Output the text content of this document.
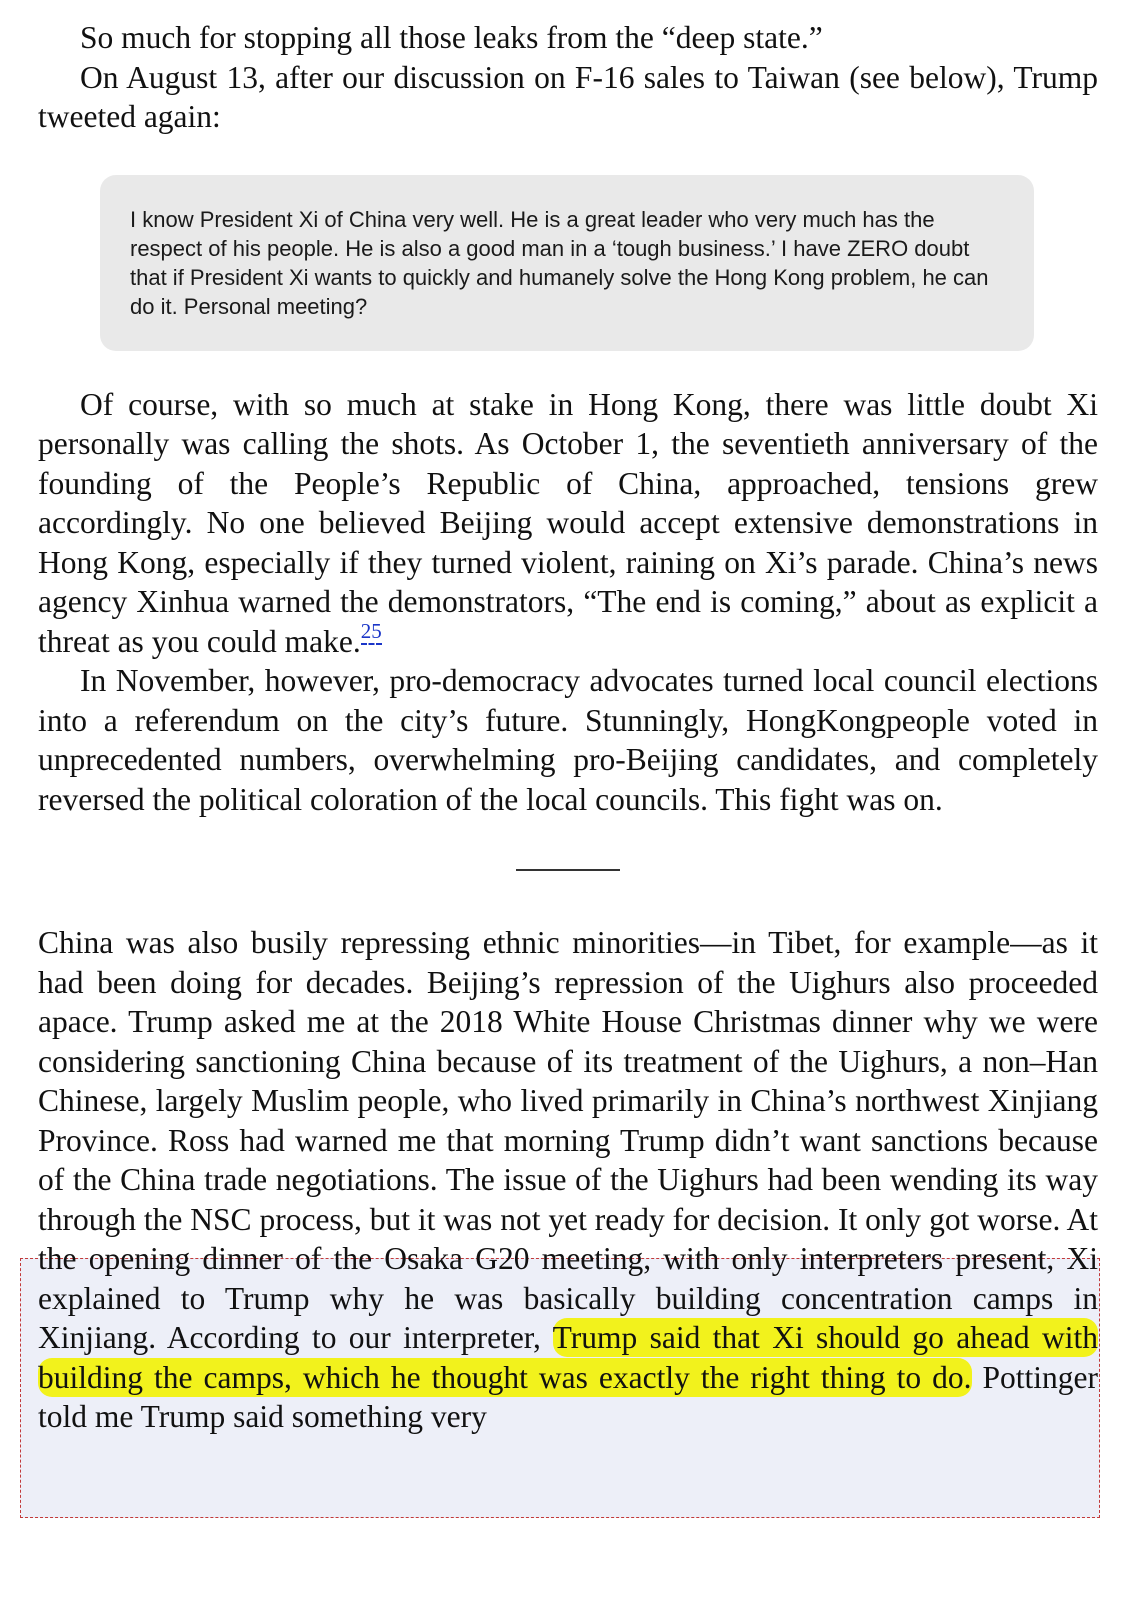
So much for stopping all those leaks from the “deep state.”

On August 13, after our discussion on F-16 sales to Taiwan (see below), Trump tweeted again:

I know President Xi of China very well. He is a great leader who very much has the respect of his people. He is also a good man in a ‘tough business.’ I have ZERO doubt that if President Xi wants to quickly and humanely solve the Hong Kong problem, he can do it. Personal meeting?

Of course, with so much at stake in Hong Kong, there was little doubt Xi personally was calling the shots. As October 1, the seventieth anniversary of the founding of the People’s Republic of China, approached, tensions grew accordingly. No one believed Beijing would accept extensive demonstrations in Hong Kong, especially if they turned violent, raining on Xi’s parade. China’s news agency Xinhua warned the demonstrators, “The end is coming,” about as explicit a threat as you could make.$^{25}$

In November, however, pro-democracy advocates turned local council elections into a referendum on the city’s future. Stunningly, HongKongpeople voted in unprecedented numbers, overwhelming pro-Beijing candidates, and completely reversed the political coloration of the local councils. This fight was on.

China was also busily repressing ethnic minorities—in Tibet, for example—as it had been doing for decades. Beijing’s repression of the Uighurs also proceeded apace. Trump asked me at the 2018 White House Christmas dinner why we were considering sanctioning China because of its treatment of the Uighurs, a non–Han Chinese, largely Muslim people, who lived primarily in China’s northwest Xinjiang Province. Ross had warned me that morning Trump didn’t want sanctions because of the China trade negotiations. The issue of the Uighurs had been wending its way through the NSC process, but it was not yet ready for decision. It only got worse. At the opening dinner of the Osaka G20 meeting, with only interpreters present, Xi explained to Trump why he was basically building concentration camps in Xinjiang. According to our interpreter, Trump said that Xi should go ahead with building the camps, which he thought was exactly the right thing to do. Pottinger told me Trump said something very
